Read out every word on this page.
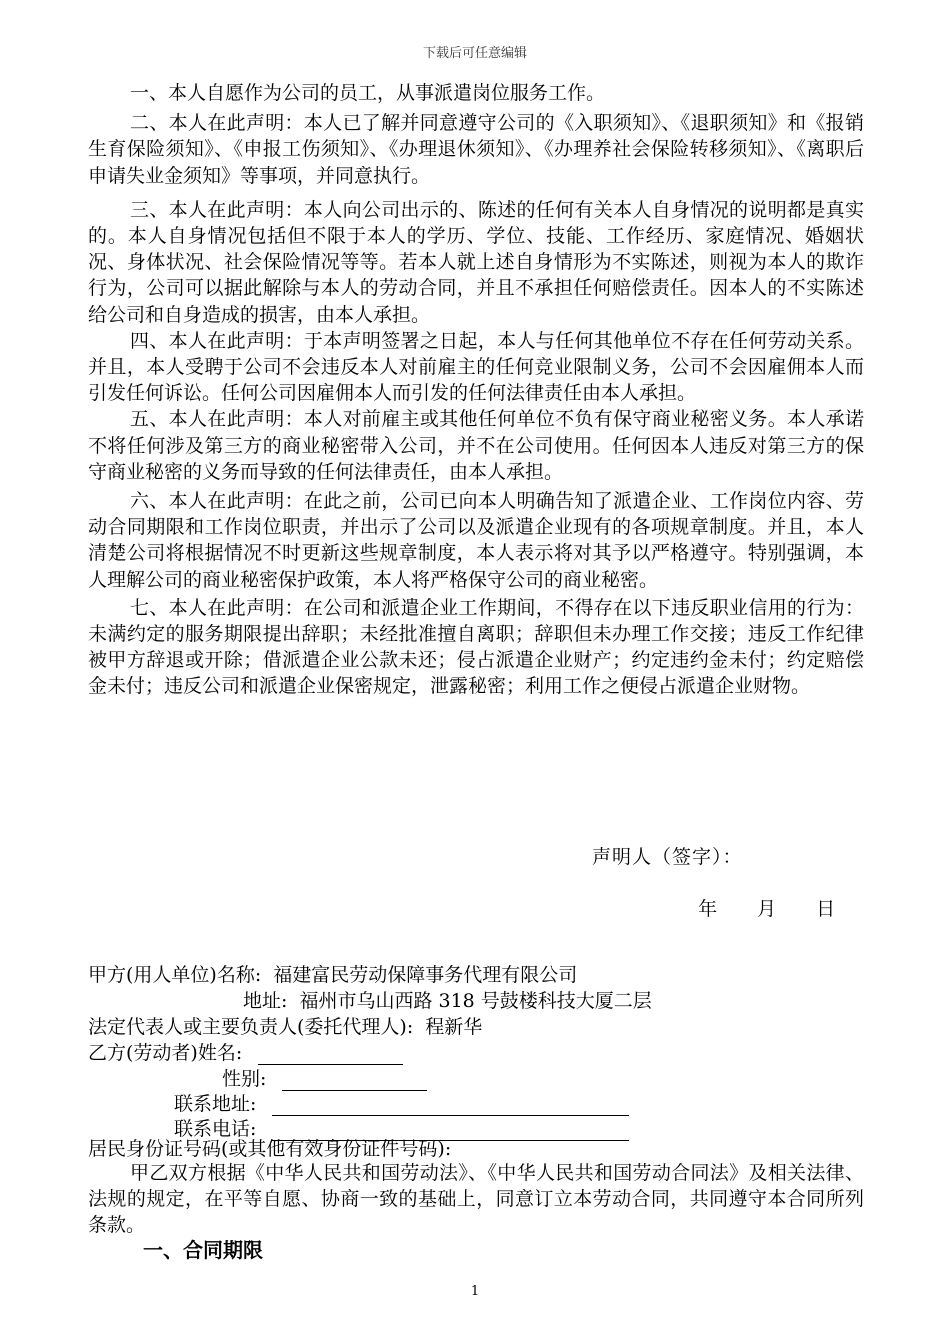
下载后可任意编辑

一、本人自愿作为公司的员工，从事派遣岗位服务工作。

二、本人在此声明：本人已了解并同意遵守公司的《入职须知》、《退职须知》和《报销生育保险须知》、《申报工伤须知》、《办理退休须知》、《办理养社会保险转移须知》、《离职后申请失业金须知》等事项，并同意执行。

三、本人在此声明：本人向公司出示的、陈述的任何有关本人自身情况的说明都是真实的。本人自身情况包括但不限于本人的学历、学位、技能、工作经历、家庭情况、婚姻状况、身体状况、社会保险情况等等。若本人就上述自身情形为不实陈述，则视为本人的欺诈行为，公司可以据此解除与本人的劳动合同，并且不承担任何赔偿责任。因本人的不实陈述给公司和自身造成的损害，由本人承担。

四、本人在此声明：于本声明签署之日起，本人与任何其他单位不存在任何劳动关系。并且，本人受聘于公司不会违反本人对前雇主的任何竞业限制义务，公司不会因雇佣本人而引发任何诉讼。任何公司因雇佣本人而引发的任何法律责任由本人承担。

五、本人在此声明：本人对前雇主或其他任何单位不负有保守商业秘密义务。本人承诺不将任何涉及第三方的商业秘密带入公司，并不在公司使用。任何因本人违反对第三方的保守商业秘密的义务而导致的任何法律责任，由本人承担。

六、本人在此声明：在此之前，公司已向本人明确告知了派遣企业、工作岗位内容、劳动合同期限和工作岗位职责，并出示了公司以及派遣企业现有的各项规章制度。并且，本人清楚公司将根据情况不时更新这些规章制度，本人表示将对其予以严格遵守。特别强调，本人理解公司的商业秘密保护政策，本人将严格保守公司的商业秘密。

七、本人在此声明：在公司和派遣企业工作期间，不得存在以下违反职业信用的行为：未满约定的服务期限提出辞职；未经批准擅自离职；辞职但未办理工作交接；违反工作纪律被甲方辞退或开除；借派遣企业公款未还；侵占派遣企业财产；约定违约金未付；约定赔偿金未付；违反公司和派遣企业保密规定，泄露秘密；利用工作之便侵占派遣企业财物。

声明人（签字）：

年 月 日

甲方(用人单位)名称: 福建富民劳动保障事务代理有限公司
地址: 福州市乌山西路 318 号鼓楼科技大厦二层
法定代表人或主要负责人(委托代理人): 程新华
乙方(劳动者)姓名:
性别:
联系地址:
联系电话:
居民身份证号码(或其他有效身份证件号码):

甲乙双方根据《中华人民共和国劳动法》、《中华人民共和国劳动合同法》及相关法律、法规的规定，在平等自愿、协商一致的基础上，同意订立本劳动合同，共同遵守本合同所列条款。

一、合同期限
1
